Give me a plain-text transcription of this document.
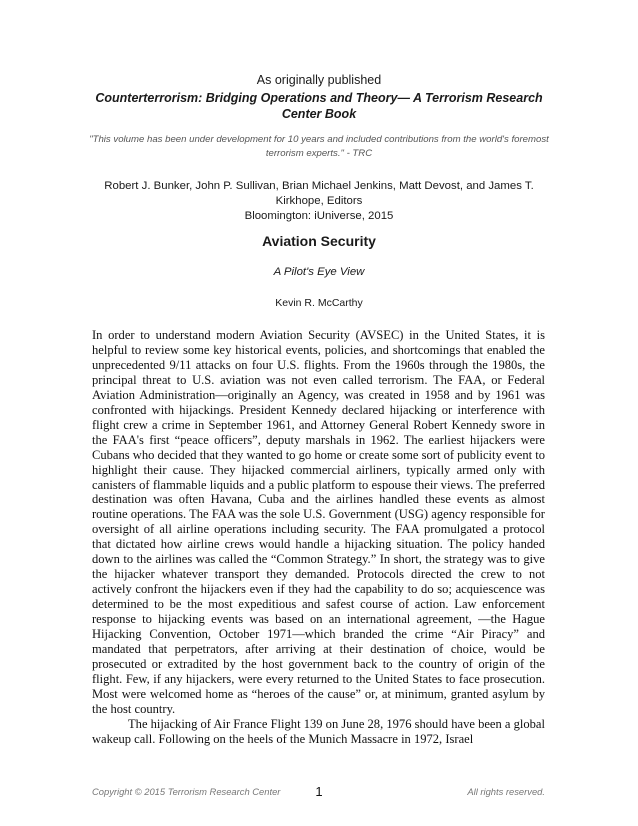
As originally published
Counterterrorism: Bridging Operations and Theory— A Terrorism Research Center Book
"This volume has been under development for 10 years and included contributions from the world's foremost terrorism experts." - TRC
Robert J. Bunker, John P. Sullivan, Brian Michael Jenkins, Matt Devost, and James T. Kirkhope, Editors
Bloomington: iUniverse, 2015
Aviation Security
A Pilot's Eye View
Kevin R. McCarthy

In order to understand modern Aviation Security (AVSEC) in the United States, it is helpful to review some key historical events, policies, and shortcomings that enabled the unprecedented 9/11 attacks on four U.S. flights. From the 1960s through the 1980s, the principal threat to U.S. aviation was not even called terrorism. The FAA, or Federal Aviation Administration—originally an Agency, was created in 1958 and by 1961 was confronted with hijackings. President Kennedy declared hijacking or interference with flight crew a crime in September 1961, and Attorney General Robert Kennedy swore in the FAA's first “peace officers”, deputy marshals in 1962. The earliest hijackers were Cubans who decided that they wanted to go home or create some sort of publicity event to highlight their cause. They hijacked commercial airliners, typically armed only with canisters of flammable liquids and a public platform to espouse their views. The preferred destination was often Havana, Cuba and the airlines handled these events as almost routine operations. The FAA was the sole U.S. Government (USG) agency responsible for oversight of all airline operations including security. The FAA promulgated a protocol that dictated how airline crews would handle a hijacking situation. The policy handed down to the airlines was called the “Common Strategy.” In short, the strategy was to give the hijacker whatever transport they demanded. Protocols directed the crew to not actively confront the hijackers even if they had the capability to do so; acquiescence was determined to be the most expeditious and safest course of action. Law enforcement response to hijacking events was based on an international agreement, —the Hague Hijacking Convention, October 1971—which branded the crime “Air Piracy” and mandated that perpetrators, after arriving at their destination of choice, would be prosecuted or extradited by the host government back to the country of origin of the flight. Few, if any hijackers, were every returned to the United States to face prosecution. Most were welcomed home as “heroes of the cause” or, at minimum, granted asylum by the host country.

The hijacking of Air France Flight 139 on June 28, 1976 should have been a global wakeup call. Following on the heels of the Munich Massacre in 1972, Israel

Copyright © 2015 Terrorism Research Center	1	All rights reserved.
